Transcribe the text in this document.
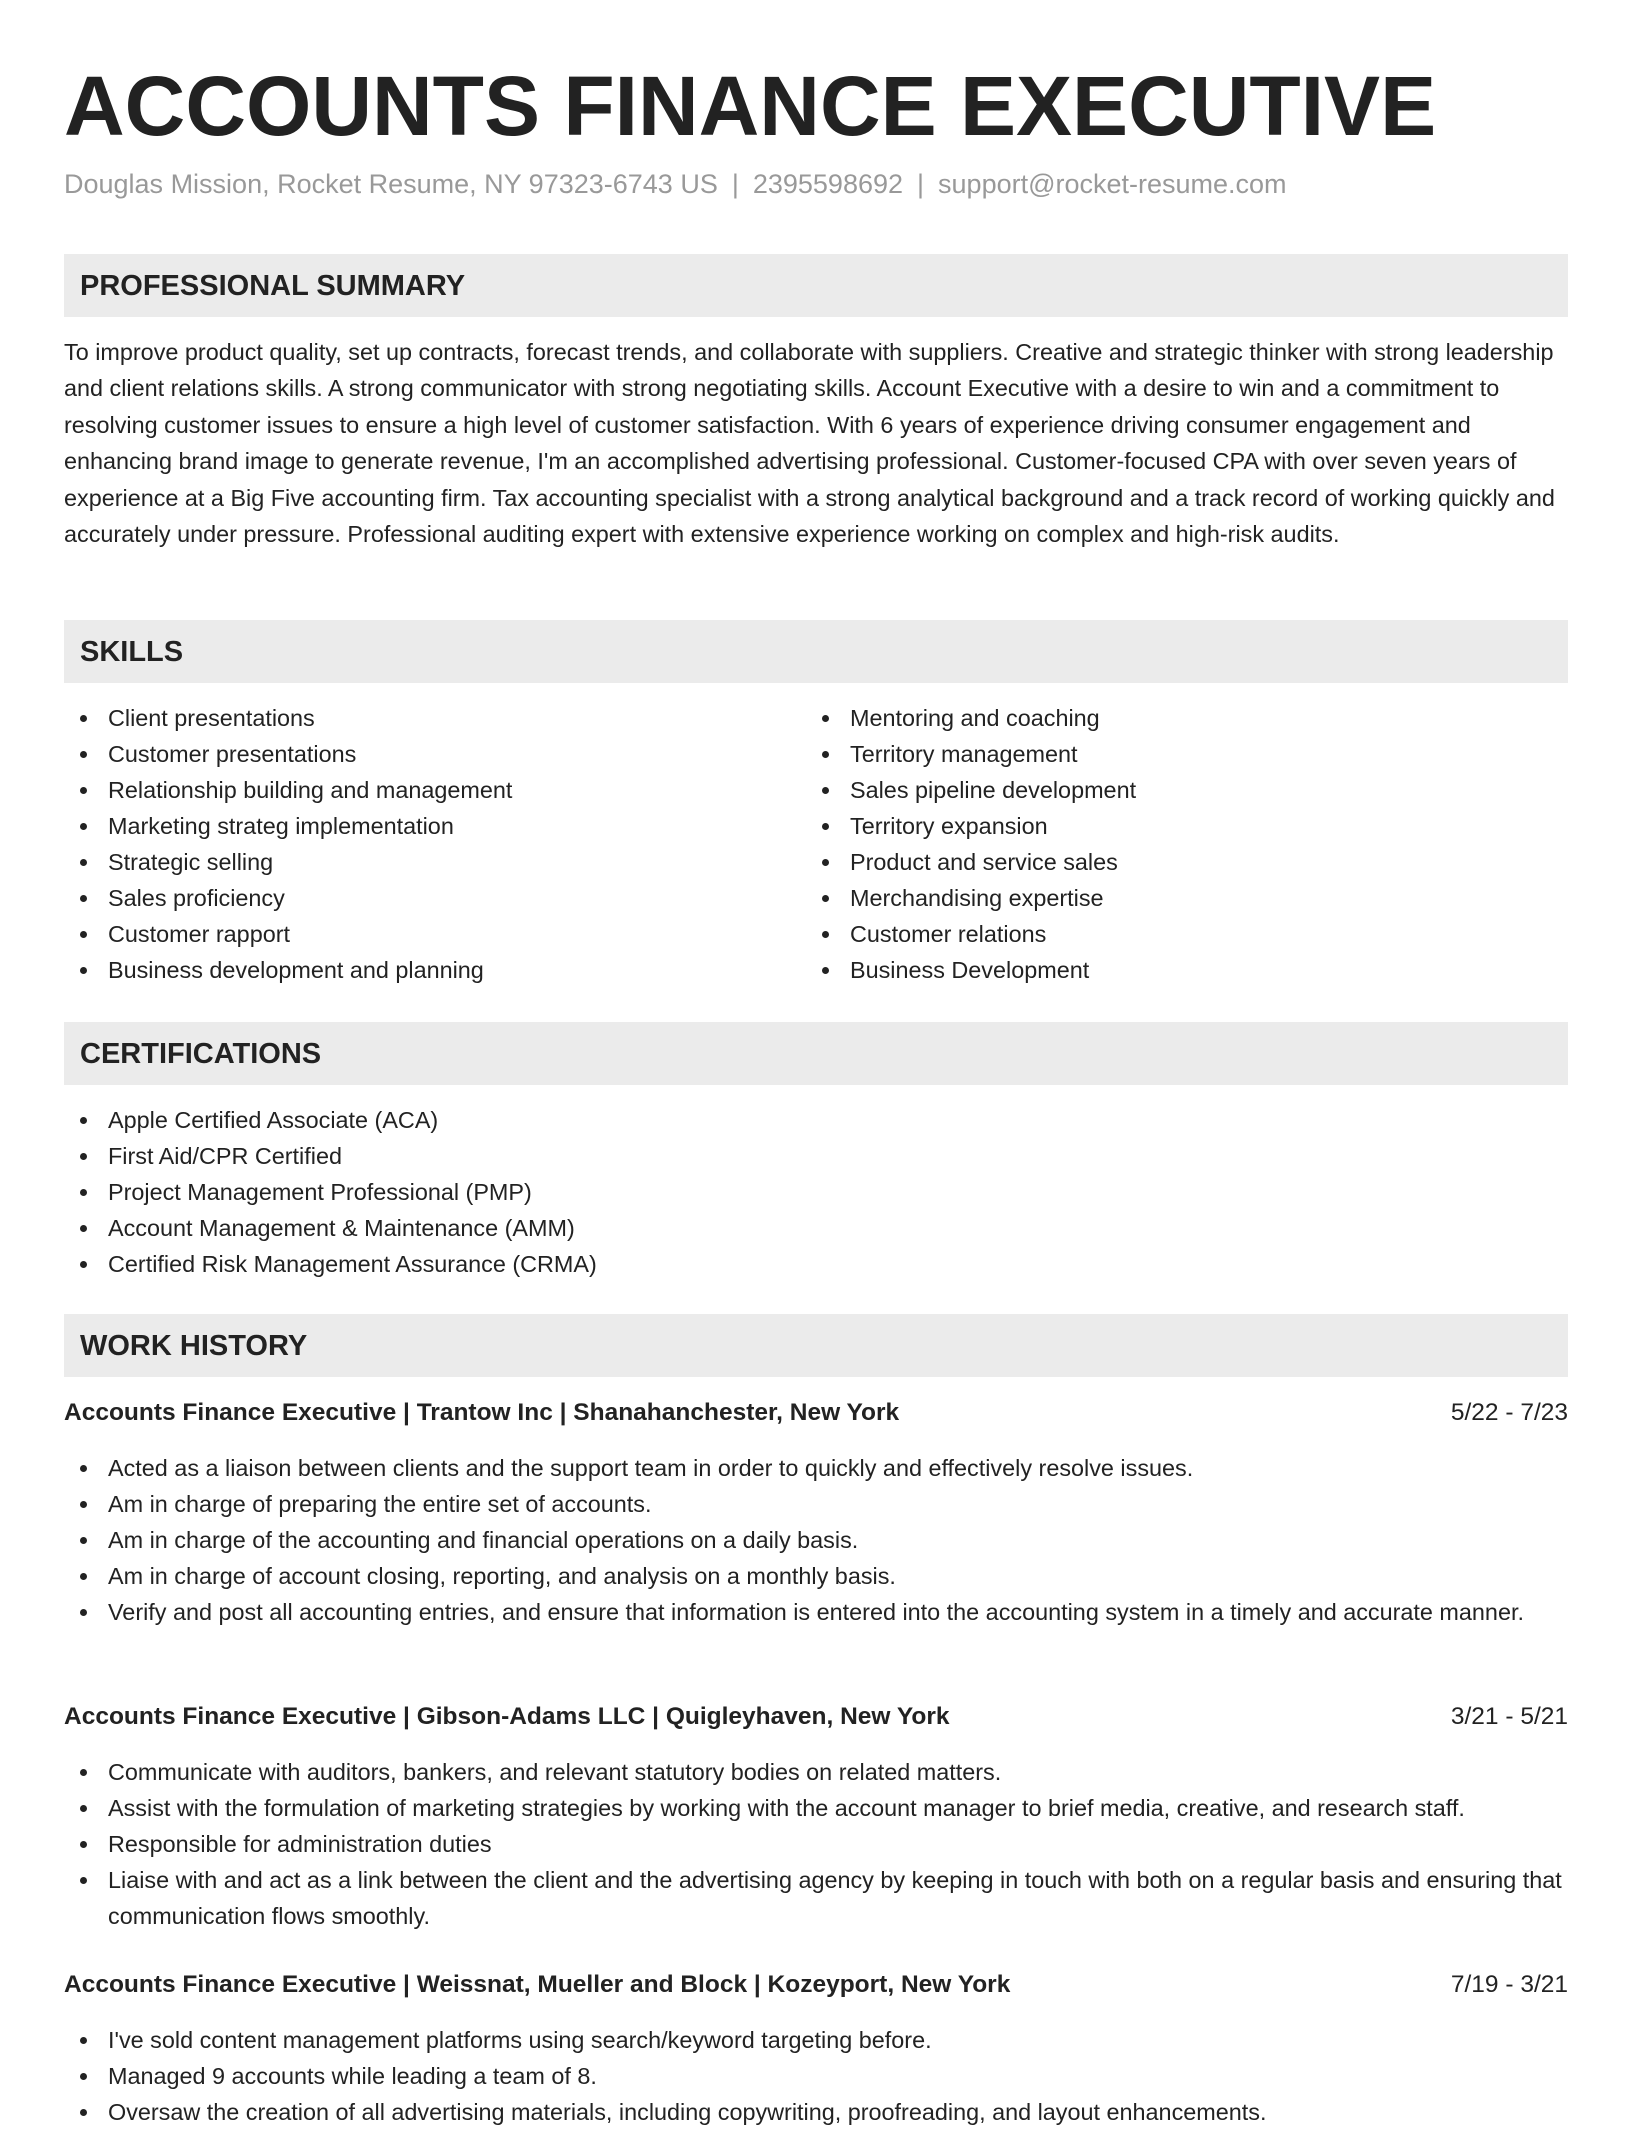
ACCOUNTS FINANCE EXECUTIVE
Douglas Mission, Rocket Resume, NY 97323-6743 US | 2395598692 | support@rocket-resume.com
PROFESSIONAL SUMMARY

To improve product quality, set up contracts, forecast trends, and collaborate with suppliers. Creative and strategic thinker with strong leadership and client relations skills. A strong communicator with strong negotiating skills. Account Executive with a desire to win and a commitment to resolving customer issues to ensure a high level of customer satisfaction. With 6 years of experience driving consumer engagement and enhancing brand image to generate revenue, I'm an accomplished advertising professional. Customer-focused CPA with over seven years of experience at a Big Five accounting firm. Tax accounting specialist with a strong analytical background and a track record of working quickly and accurately under pressure. Professional auditing expert with extensive experience working on complex and high-risk audits.

SKILLS
Client presentations
Customer presentations
Relationship building and management
Marketing strateg implementation
Strategic selling
Sales proficiency
Customer rapport
Business development and planning
Mentoring and coaching
Territory management
Sales pipeline development
Territory expansion
Product and service sales
Merchandising expertise
Customer relations
Business Development
CERTIFICATIONS
Apple Certified Associate (ACA)
First Aid/CPR Certified
Project Management Professional (PMP)
Account Management & Maintenance (AMM)
Certified Risk Management Assurance (CRMA)
WORK HISTORY
Accounts Finance Executive | Trantow Inc | Shanahanchester, New York	5/22 - 7/23
Acted as a liaison between clients and the support team in order to quickly and effectively resolve issues.
Am in charge of preparing the entire set of accounts.
Am in charge of the accounting and financial operations on a daily basis.
Am in charge of account closing, reporting, and analysis on a monthly basis.
Verify and post all accounting entries, and ensure that information is entered into the accounting system in a timely and accurate manner.
Accounts Finance Executive | Gibson-Adams LLC | Quigleyhaven, New York	3/21 - 5/21
Communicate with auditors, bankers, and relevant statutory bodies on related matters.
Assist with the formulation of marketing strategies by working with the account manager to brief media, creative, and research staff.
Responsible for administration duties
Liaise with and act as a link between the client and the advertising agency by keeping in touch with both on a regular basis and ensuring that communication flows smoothly.
Accounts Finance Executive | Weissnat, Mueller and Block | Kozeyport, New York	7/19 - 3/21
I've sold content management platforms using search/keyword targeting before.
Managed 9 accounts while leading a team of 8.
Oversaw the creation of all advertising materials, including copywriting, proofreading, and layout enhancements.
